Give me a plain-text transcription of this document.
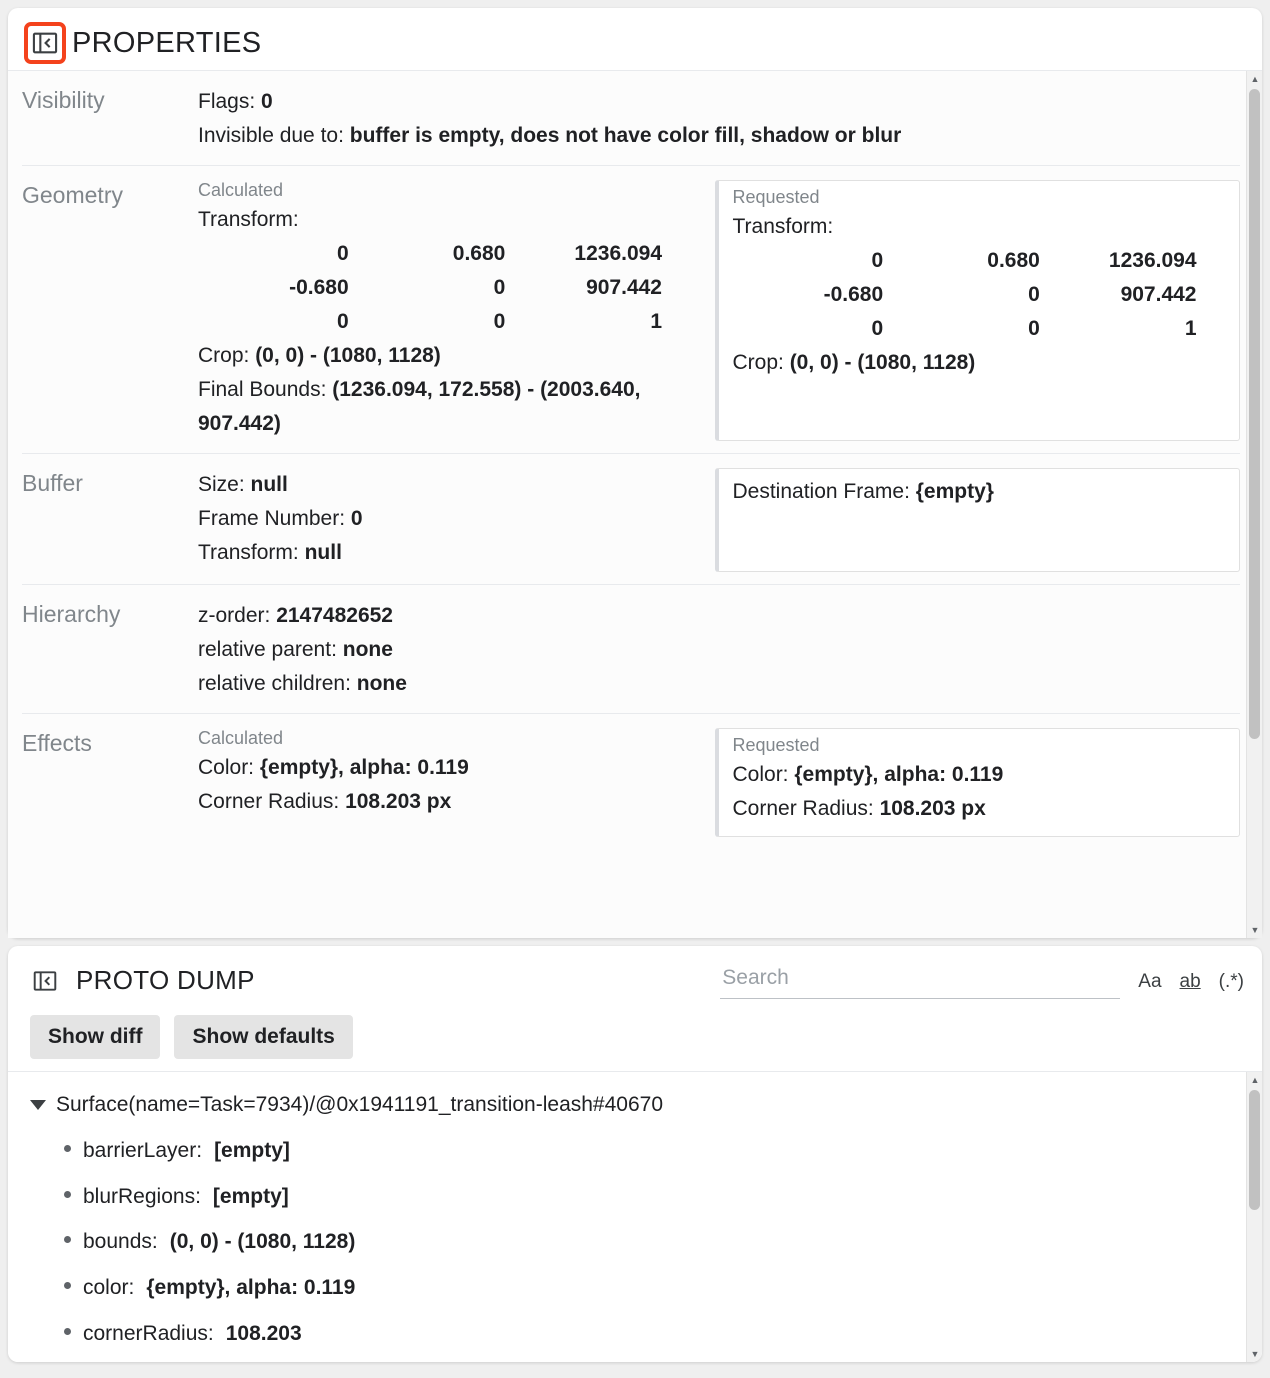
PROPERTIES
Visibility	Flags: 0
Invisible due to: buffer is empty, does not have color fill, shadow or blur
Geometry	Calculated
Transform:
0	0.680	1236.094
-0.680	0	907.442
0	0	1
Crop: (0, 0) - (1080, 1128)
Final Bounds: (1236.094, 172.558) - (2003.640, 907.442)
Requested
Transform:
0	0.680	1236.094
-0.680	0	907.442
0	0	1
Crop: (0, 0) - (1080, 1128)
Buffer	Size: null
Frame Number: 0
Transform: null
Destination Frame: {empty}
Hierarchy	z-order: 2147482652
relative parent: none
relative children: none
Effects	Calculated
Color: {empty}, alpha: 0.119
Corner Radius: 108.203 px
Requested
Color: {empty}, alpha: 0.119
Corner Radius: 108.203 px
▲
▼
PROTO DUMP
Search	Aa ab (.*)
Show diff	Show defaults
Surface(name=Task=7934)/@0x1941191_transition-leash#40670
barrierLayer: [empty]
blurRegions: [empty]
bounds: (0, 0) - (1080, 1128)
color: {empty}, alpha: 0.119
cornerRadius: 108.203
▲
▼
